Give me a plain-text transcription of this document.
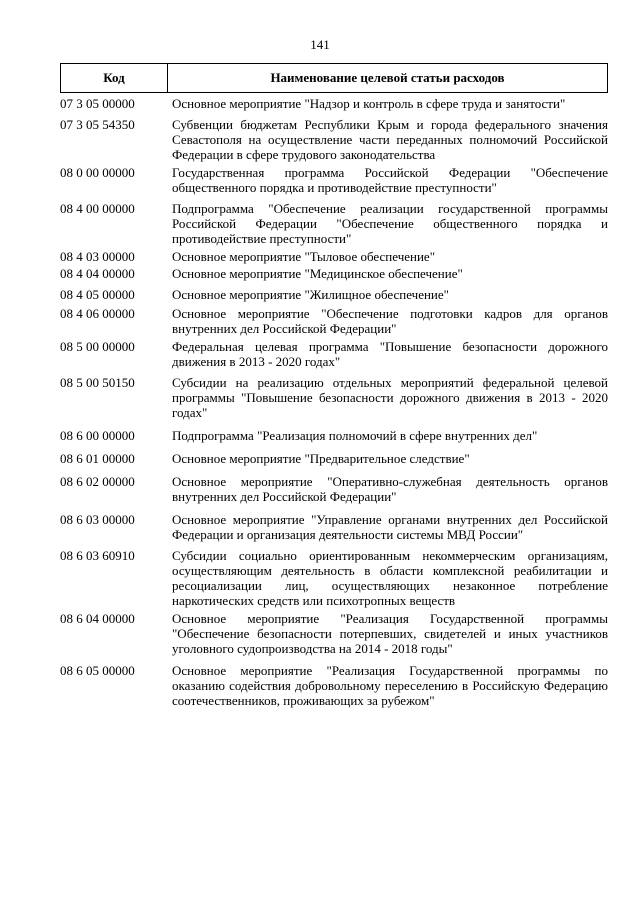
141
Код	Наименование целевой статьи расходов
07 3 05 00000	Основное мероприятие "Надзор и контроль в сфере труда и занятости"
07 3 05 54350	Субвенции бюджетам Республики Крым и города федерального значения Севастополя на осуществление части переданных полномочий Российской Федерации в сфере трудового законодательства
08 0 00 00000	Государственная программа Российской Федерации "Обеспечение общественного порядка и противодействие преступности"
08 4 00 00000	Подпрограмма "Обеспечение реализации государственной программы Российской Федерации "Обеспечение общественного порядка и противодействие преступности"
08 4 03 00000	Основное мероприятие "Тыловое обеспечение"
08 4 04 00000	Основное мероприятие "Медицинское обеспечение"
08 4 05 00000	Основное мероприятие "Жилищное обеспечение"
08 4 06 00000	Основное мероприятие "Обеспечение подготовки кадров для органов внутренних дел Российской Федерации"
08 5 00 00000	Федеральная целевая программа "Повышение безопасности дорожного движения в 2013 - 2020 годах"
08 5 00 50150	Субсидии на реализацию отдельных мероприятий федеральной целевой программы "Повышение безопасности дорожного движения в 2013 - 2020 годах"
08 6 00 00000	Подпрограмма "Реализация полномочий в сфере внутренних дел"
08 6 01 00000	Основное мероприятие "Предварительное следствие"
08 6 02 00000	Основное мероприятие "Оперативно-служебная деятельность органов внутренних дел Российской Федерации"
08 6 03 00000	Основное мероприятие "Управление органами внутренних дел Российской Федерации и организация деятельности системы МВД России"
08 6 03 60910	Субсидии социально ориентированным некоммерческим организациям, осуществляющим деятельность в области комплексной реабилитации и ресоциализации лиц, осуществляющих незаконное потребление наркотических средств или психотропных веществ
08 6 04 00000	Основное мероприятие "Реализация Государственной программы "Обеспечение безопасности потерпевших, свидетелей и иных участников уголовного судопроизводства на 2014 - 2018 годы"
08 6 05 00000	Основное мероприятие "Реализация Государственной программы по оказанию содействия добровольному переселению в Российскую Федерацию соотечественников, проживающих за рубежом"
